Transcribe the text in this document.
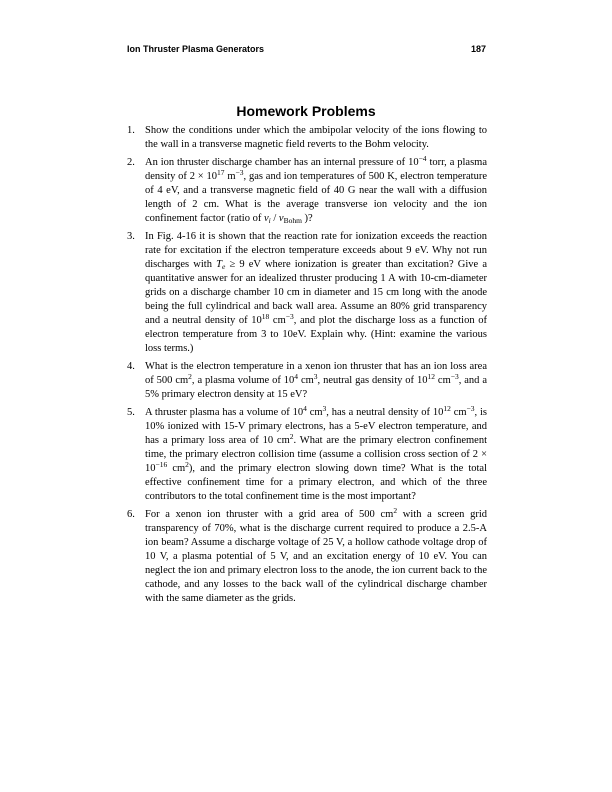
Ion Thruster Plasma Generators	187
Homework Problems
1. Show the conditions under which the ambipolar velocity of the ions flowing to the wall in a transverse magnetic field reverts to the Bohm velocity.
2. An ion thruster discharge chamber has an internal pressure of $10^{-4}$ torr, a plasma density of $2 \times 10^{17}$ $m^{-3}$, gas and ion temperatures of 500 K, electron temperature of 4 eV, and a transverse magnetic field of 40 G near the wall with a diffusion length of 2 cm. What is the average transverse ion velocity and the ion confinement factor (ratio of $v_i / v_{Bohm}$ )?
3. In Fig. 4-16 it is shown that the reaction rate for ionization exceeds the reaction rate for excitation if the electron temperature exceeds about 9 eV. Why not run discharges with $T_e \ge 9$ eV where ionization is greater than excitation? Give a quantitative answer for an idealized thruster producing 1 A with 10-cm-diameter grids on a discharge chamber 10 cm in diameter and 15 cm long with the anode being the full cylindrical and back wall area. Assume an 80% grid transparency and a neutral density of $10^{18}$ $cm^{-3}$, and plot the discharge loss as a function of electron temperature from 3 to 10eV. Explain why. (Hint: examine the various loss terms.)
4. What is the electron temperature in a xenon ion thruster that has an ion loss area of 500 $cm^2$, a plasma volume of $10^4$ $cm^3$, neutral gas density of $10^{12}$ $cm^{-3}$, and a 5% primary electron density at 15 eV?
5. A thruster plasma has a volume of $10^4$ $cm^3$, has a neutral density of $10^{12}$ $cm^{-3}$, is 10% ionized with 15-V primary electrons, has a 5-eV electron temperature, and has a primary loss area of 10 $cm^2$. What are the primary electron confinement time, the primary electron collision time (assume a collision cross section of $2 \times 10^{-16}$ $cm^2$), and the primary electron slowing down time? What is the total effective confinement time for a primary electron, and which of the three contributors to the total confinement time is the most important?
6. For a xenon ion thruster with a grid area of 500 $cm^2$ with a screen grid transparency of 70%, what is the discharge current required to produce a 2.5-A ion beam? Assume a discharge voltage of 25 V, a hollow cathode voltage drop of 10 V, a plasma potential of 5 V, and an excitation energy of 10 eV. You can neglect the ion and primary electron loss to the anode, the ion current back to the cathode, and any losses to the back wall of the cylindrical discharge chamber with the same diameter as the grids.
